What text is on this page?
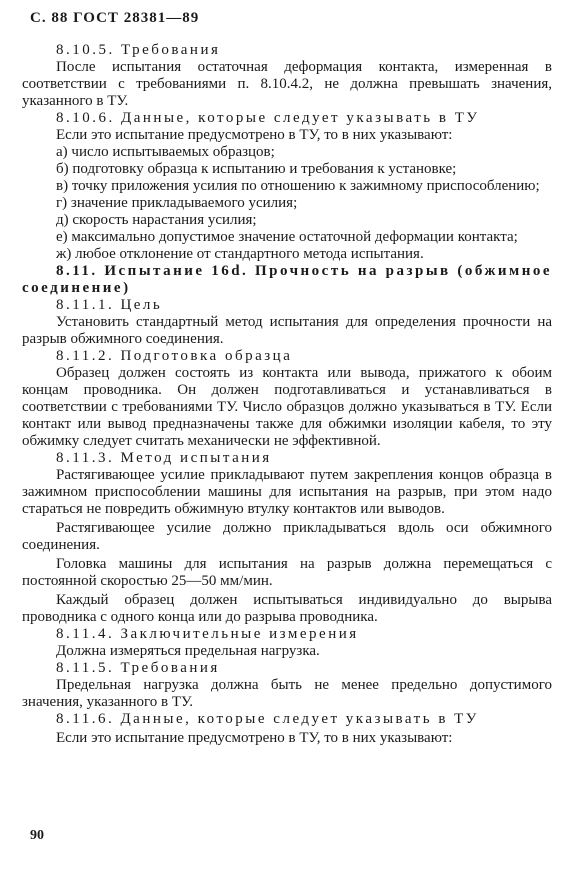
С. 88 ГОСТ 28381—89

8.10.5. Требования

После испытания остаточная деформация контакта, измеренная в соответствии с требованиями п. 8.10.4.2, не должна превышать значения, указанного в ТУ.

8.10.6. Данные, которые следует указывать в ТУ

Если это испытание предусмотрено в ТУ, то в них указывают:

а) число испытываемых образцов;

б) подготовку образца к испытанию и требования к установке;

в) точку приложения усилия по отношению к зажимному приспособлению;

г) значение прикладываемого усилия;

д) скорость нарастания усилия;

е) максимально допустимое значение остаточной деформации контакта;

ж) любое отклонение от стандартного метода испытания.

8.11. Испытание 16d. Прочность на разрыв (обжимное соединение)

8.11.1. Цель

Установить стандартный метод испытания для определения прочности на разрыв обжимного соединения.

8.11.2. Подготовка образца

Образец должен состоять из контакта или вывода, прижатого к обоим концам проводника. Он должен подготавливаться и устанавливаться в соответствии с требованиями ТУ. Число образцов должно указываться в ТУ. Если контакт или вывод предназначены также для обжимки изоляции кабеля, то эту обжимку следует считать механически не эффективной.

8.11.3. Метод испытания

Растягивающее усилие прикладывают путем закрепления концов образца в зажимном приспособлении машины для испытания на разрыв, при этом надо стараться не повредить обжимную втулку контактов или выводов.

Растягивающее усилие должно прикладываться вдоль оси обжимного соединения.

Головка машины для испытания на разрыв должна перемещаться с постоянной скоростью 25—50 мм/мин.

Каждый образец должен испытываться индивидуально до вырыва проводника с одного конца или до разрыва проводника.

8.11.4. Заключительные измерения

Должна измеряться предельная нагрузка.

8.11.5. Требования

Предельная нагрузка должна быть не менее предельно допустимого значения, указанного в ТУ.

8.11.6. Данные, которые следует указывать в ТУ

Если это испытание предусмотрено в ТУ, то в них указывают:

90
